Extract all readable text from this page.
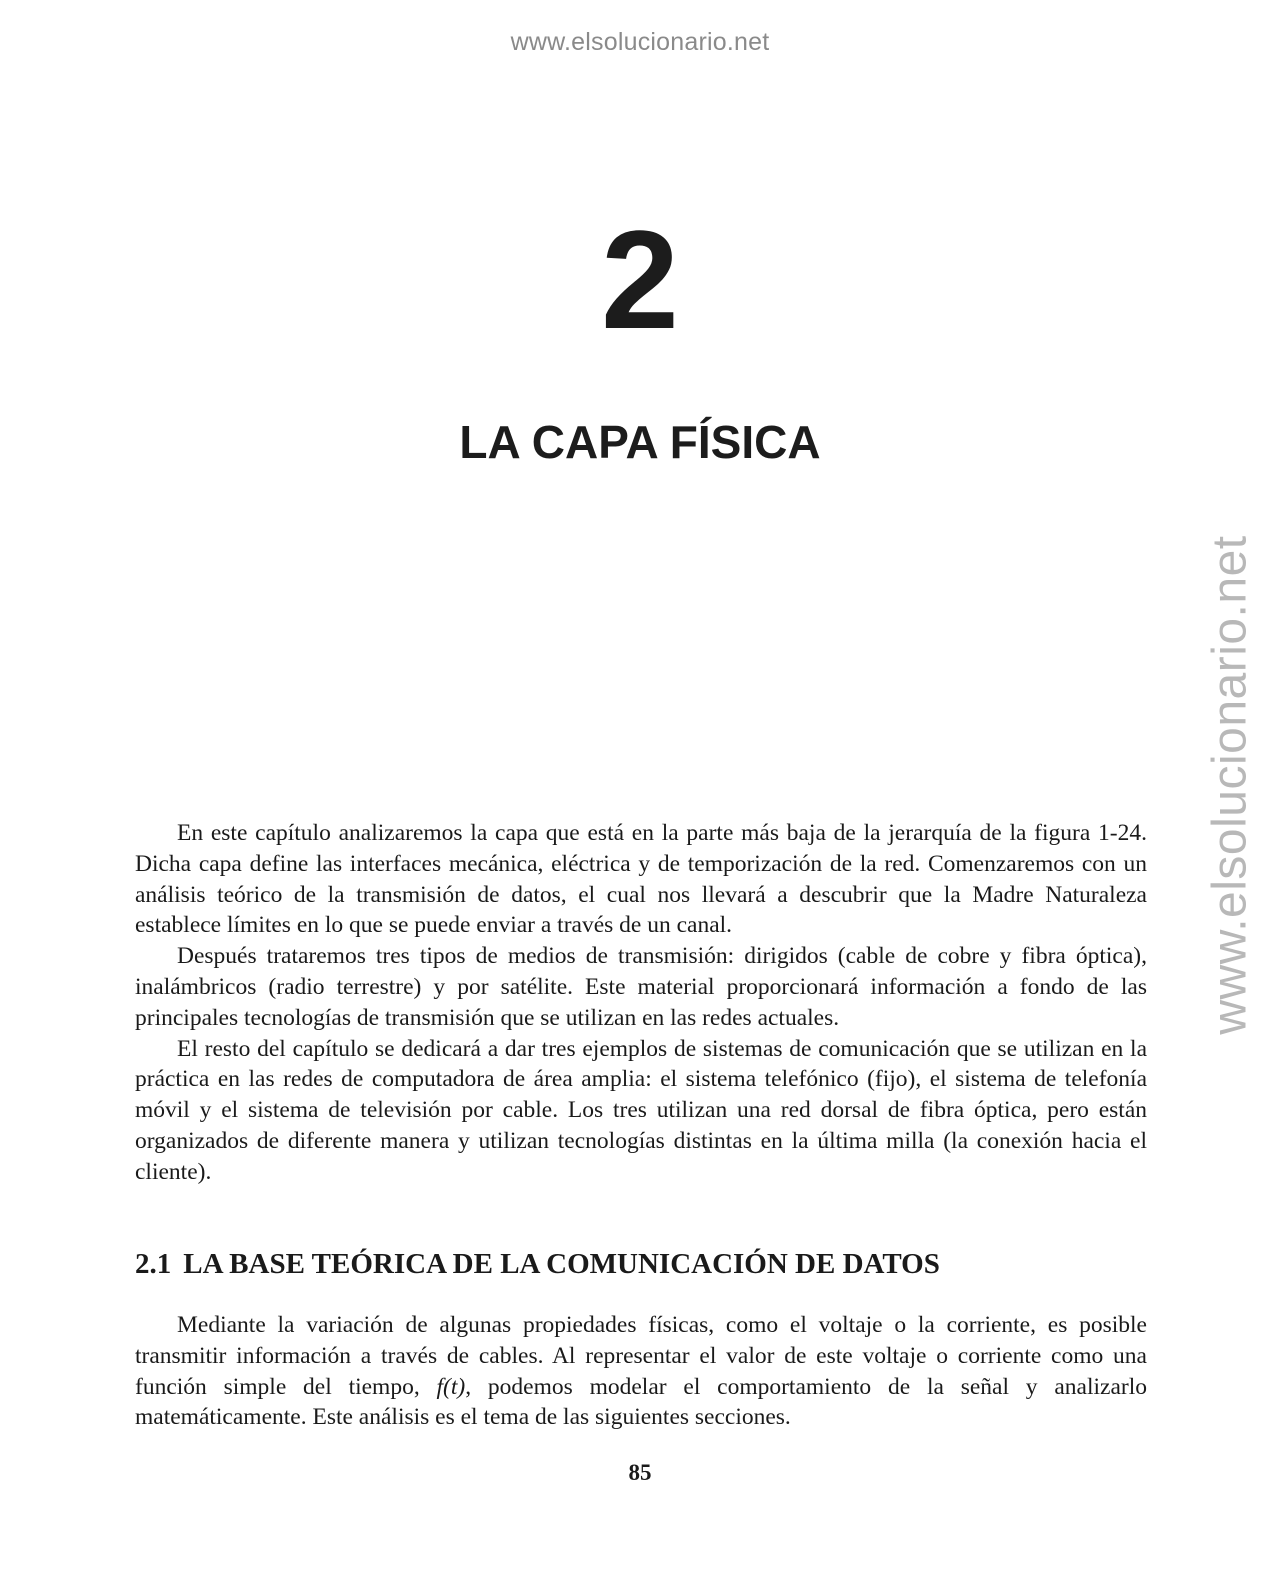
www.elsolucionario.net
www.elsolucionario.net
2
LA CAPA FÍSICA

En este capítulo analizaremos la capa que está en la parte más baja de la jerarquía de la figura 1-24. Dicha capa define las interfaces mecánica, eléctrica y de temporización de la red. Comenzaremos con un análisis teórico de la transmisión de datos, el cual nos llevará a descubrir que la Madre Naturaleza establece límites en lo que se puede enviar a través de un canal.

Después trataremos tres tipos de medios de transmisión: dirigidos (cable de cobre y fibra óptica), inalámbricos (radio terrestre) y por satélite. Este material proporcionará información a fondo de las principales tecnologías de transmisión que se utilizan en las redes actuales.

El resto del capítulo se dedicará a dar tres ejemplos de sistemas de comunicación que se utilizan en la práctica en las redes de computadora de área amplia: el sistema telefónico (fijo), el sistema de telefonía móvil y el sistema de televisión por cable. Los tres utilizan una red dorsal de fibra óptica, pero están organizados de diferente manera y utilizan tecnologías distintas en la última milla (la conexión hacia el cliente).

2.1 LA BASE TEÓRICA DE LA COMUNICACIÓN DE DATOS

Mediante la variación de algunas propiedades físicas, como el voltaje o la corriente, es posible transmitir información a través de cables. Al representar el valor de este voltaje o corriente como una función simple del tiempo, f(t), podemos modelar el comportamiento de la señal y analizarlo matemáticamente. Este análisis es el tema de las siguientes secciones.

85
